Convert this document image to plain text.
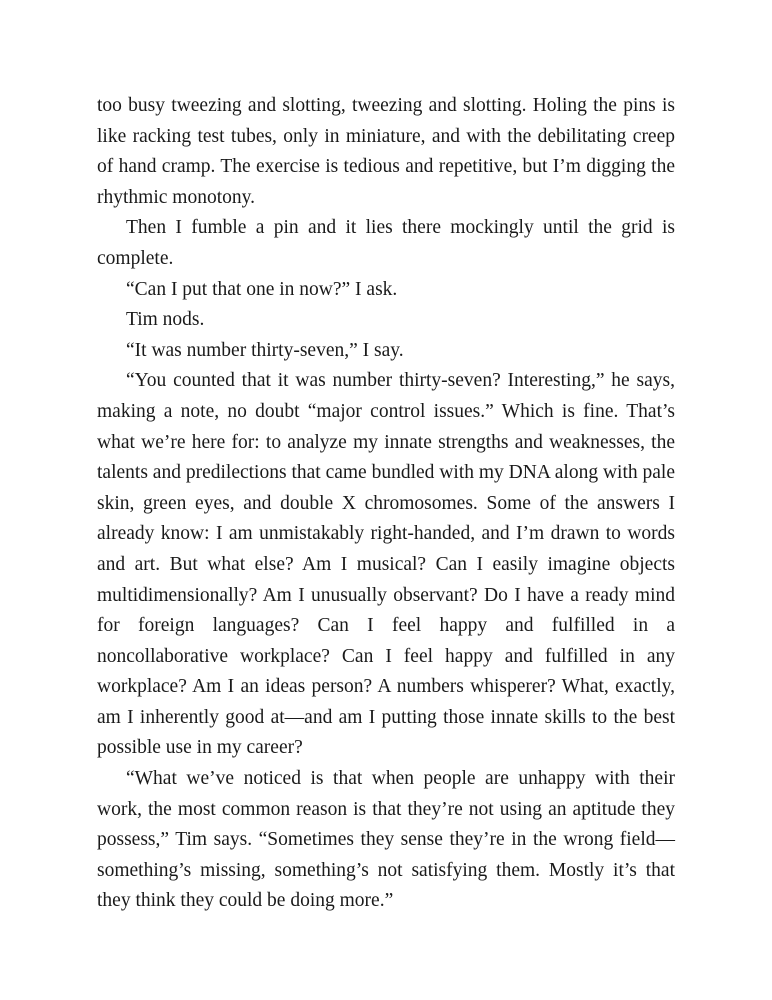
too busy tweezing and slotting, tweezing and slotting. Holing the pins is like racking test tubes, only in miniature, and with the debilitating creep of hand cramp. The exercise is tedious and repetitive, but I’m digging the rhythmic monotony.

Then I fumble a pin and it lies there mockingly until the grid is complete.

“Can I put that one in now?” I ask.

Tim nods.

“It was number thirty-seven,” I say.

“You counted that it was number thirty-seven? Interesting,” he says, making a note, no doubt “major control issues.” Which is fine. That’s what we’re here for: to analyze my innate strengths and weaknesses, the talents and predilections that came bundled with my DNA along with pale skin, green eyes, and double X chromosomes. Some of the answers I already know: I am unmistakably right-handed, and I’m drawn to words and art. But what else? Am I musical? Can I easily imagine objects multidimensionally? Am I unusually observant? Do I have a ready mind for foreign languages? Can I feel happy and fulfilled in a noncollaborative workplace? Can I feel happy and fulfilled in any workplace? Am I an ideas person? A numbers whisperer? What, exactly, am I inherently good at—and am I putting those innate skills to the best possible use in my career?

“What we’ve noticed is that when people are unhappy with their work, the most common reason is that they’re not using an aptitude they possess,” Tim says. “Sometimes they sense they’re in the wrong field—something’s missing, something’s not satisfying them. Mostly it’s that they think they could be doing more.”
